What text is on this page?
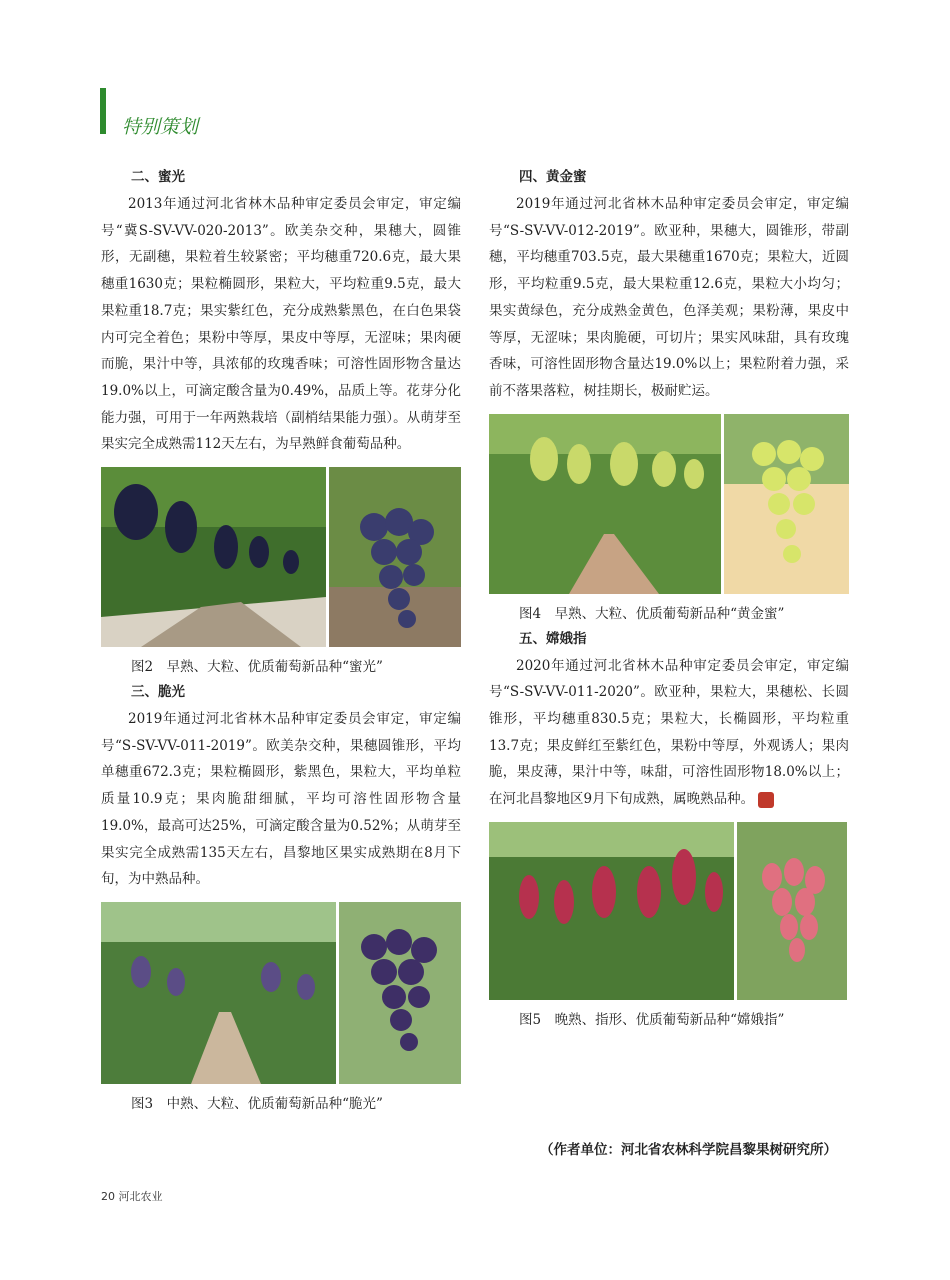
特别策划

二、蜜光

2013年通过河北省林木品种审定委员会审定，审定编号“冀S-SV-VV-020-2013”。欧美杂交种，果穗大，圆锥形，无副穗，果粒着生较紧密；平均穗重720.6克，最大果穗重1630克；果粒椭圆形，果粒大，平均粒重9.5克，最大果粒重18.7克；果实紫红色，充分成熟紫黑色，在白色果袋内可完全着色；果粉中等厚，果皮中等厚，无涩味；果肉硬而脆，果汁中等，具浓郁的玫瑰香味；可溶性固形物含量达19.0%以上，可滴定酸含量为0.49%，品质上等。花芽分化能力强，可用于一年两熟栽培（副梢结果能力强）。从萌芽至果实完全成熟需112天左右，为早熟鲜食葡萄品种。

图2　早熟、大粒、优质葡萄新品种“蜜光”

三、脆光

2019年通过河北省林木品种审定委员会审定，审定编号“S-SV-VV-011-2019”。欧美杂交种，果穗圆锥形，平均单穗重672.3克；果粒椭圆形，紫黑色，果粒大，平均单粒质量10.9克；果肉脆甜细腻，平均可溶性固形物含量19.0%，最高可达25%，可滴定酸含量为0.52%；从萌芽至果实完全成熟需135天左右，昌黎地区果实成熟期在8月下旬，为中熟品种。

图3　中熟、大粒、优质葡萄新品种“脆光”

四、黄金蜜

2019年通过河北省林木品种审定委员会审定，审定编号“S-SV-VV-012-2019”。欧亚种，果穗大，圆锥形，带副穗，平均穗重703.5克，最大果穗重1670克；果粒大，近圆形，平均粒重9.5克，最大果粒重12.6克，果粒大小均匀；果实黄绿色，充分成熟金黄色，色泽美观；果粉薄，果皮中等厚，无涩味；果肉脆硬，可切片；果实风味甜，具有玫瑰香味，可溶性固形物含量达19.0%以上；果粒附着力强，采前不落果落粒，树挂期长，极耐贮运。

图4　早熟、大粒、优质葡萄新品种“黄金蜜”

五、嫦娥指

2020年通过河北省林木品种审定委员会审定，审定编号“S-SV-VV-011-2020”。欧亚种，果粒大，果穗松、长圆锥形，平均穗重830.5克；果粒大，长椭圆形，平均粒重13.7克；果皮鲜红至紫红色，果粉中等厚，外观诱人；果肉脆，果皮薄，果汁中等，味甜，可溶性固形物18.0%以上；在河北昌黎地区9月下旬成熟，属晚熟品种。

图5　晚熟、指形、优质葡萄新品种“嫦娥指”
（作者单位：河北省农林科学院昌黎果树研究所）
20 河北农业
